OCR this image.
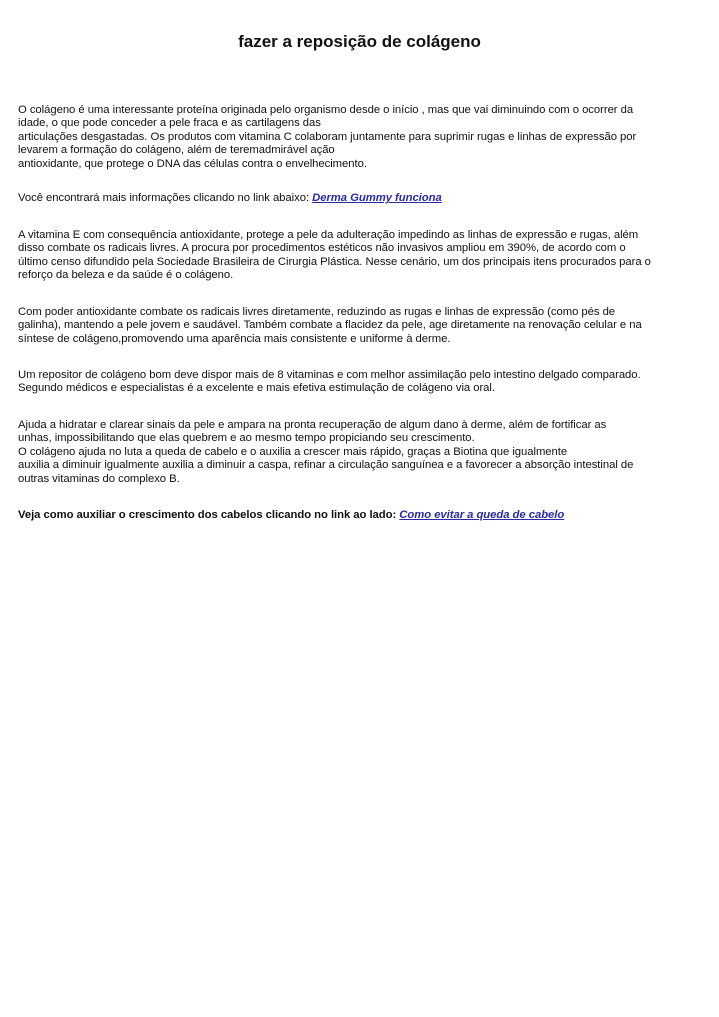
fazer a reposição de colágeno

O colágeno é uma interessante proteína originada pelo organismo desde o início , mas que vai diminuindo com o ocorrer da
idade, o que pode conceder a pele fraca e as cartilagens das
articulações desgastadas. Os produtos com vitamina C colaboram juntamente para suprimir rugas e linhas de expressão por
levarem a formação do colágeno, além de teremadmirável ação
antioxidante, que protege o DNA das células contra o envelhecimento.

Você encontrará mais informações clicando no link abaixo: Derma Gummy funciona

A vitamina E com consequência antioxidante, protege a pele da adulteração impedindo as linhas de expressão e rugas, além
disso combate os radicais livres. A procura por procedimentos estéticos não invasivos ampliou em 390%, de acordo com o
último censo difundido pela Sociedade Brasileira de Cirurgia Plástica. Nesse cenário, um dos principais itens procurados para o
reforço da beleza e da saúde é o colágeno.

Com poder antioxidante combate os radicais livres diretamente, reduzindo as rugas e linhas de expressão (como pés de
galinha), mantendo a pele jovem e saudável. Também combate a flacidez da pele, age diretamente na renovação celular e na
síntese de colágeno,promovendo uma aparência mais consistente e uniforme à derme.

Um repositor de colágeno bom deve dispor mais de 8 vitaminas e com melhor assimilação pelo intestino delgado comparado.
Segundo médicos e especialistas é a excelente e mais efetiva estimulação de colágeno via oral.

Ajuda a hidratar e clarear sinais da pele e ampara na pronta recuperação de algum dano à derme, além de fortificar as
unhas, impossibilitando que elas quebrem e ao mesmo tempo propiciando seu crescimento.
O colágeno ajuda no luta a queda de cabelo e o auxilia a crescer mais rápido, graças a Biotina que igualmente
auxilia a diminuir igualmente auxilia a diminuir a caspa, refinar a circulação sanguínea e a favorecer a absorção intestinal de
outras vitaminas do complexo B.

Veja como auxiliar o crescimento dos cabelos clicando no link ao lado: Como evitar a queda de cabelo
